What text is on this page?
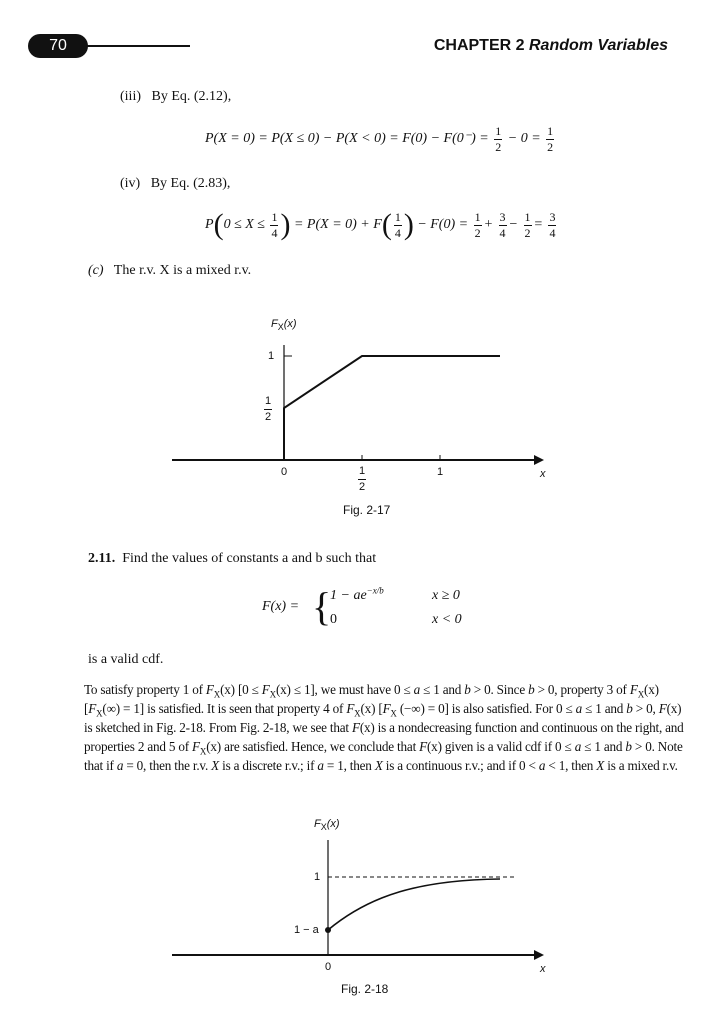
70	CHAPTER 2 Random Variables
(iii) By Eq. (2.12),
$P(X = 0) = P(X \le 0) - P(X < 0) = F(0) - F(0^-) = \frac{1}{2} - 0 = \frac{1}{2}$
(iv) By Eq. (2.83),
$P(0 \le X \le \frac{1}{4}$ ) = $P(X = 0) + F( \frac{1}{4}$ ) − $F(0) = \frac{1}{2} + \frac{3}{4} - \frac{1}{2} = \frac{3}{4}$
(c) The r.v. X is a mixed r.v.
$F_X(x)$
1
$\frac{1}{2}$
0	$\frac{1}{2}$	1	x
Fig. 2-17
2.11. Find the values of constants a and b such that
F(x) = {
$1 - ae^{-x/b}$	x ≥ 0
0	x < 0
is a valid cdf.
To satisfy property 1 of $F_X(x) [0 \le F_X(x) \le 1]$, we must have 0 ≤ a ≤ 1 and b > 0. Since b > 0, property 3 of $F_X(x) [F_X(\infty) = 1]$ is satisfied. It is seen that property 4 of $F_X(x)$ [$F_X$ (−∞) = 0] is also satisfied. For 0 ≤ a ≤ 1 and b > 0, F(x) is sketched in Fig. 2-18. From Fig. 2-18, we see that F(x) is a nondecreasing function and continuous on the right, and properties 2 and 5 of $F_X(x)$ are satisfied. Hence, we conclude that F(x) given is a valid cdf if 0 ≤ a ≤ 1 and b > 0. Note that if a = 0, then the r.v. X is a discrete r.v.; if a = 1, then X is a continuous r.v.; and if 0 < a < 1, then X is a mixed r.v.
$F_X(x)$
1
1 − a
0	x
Fig. 2-18
